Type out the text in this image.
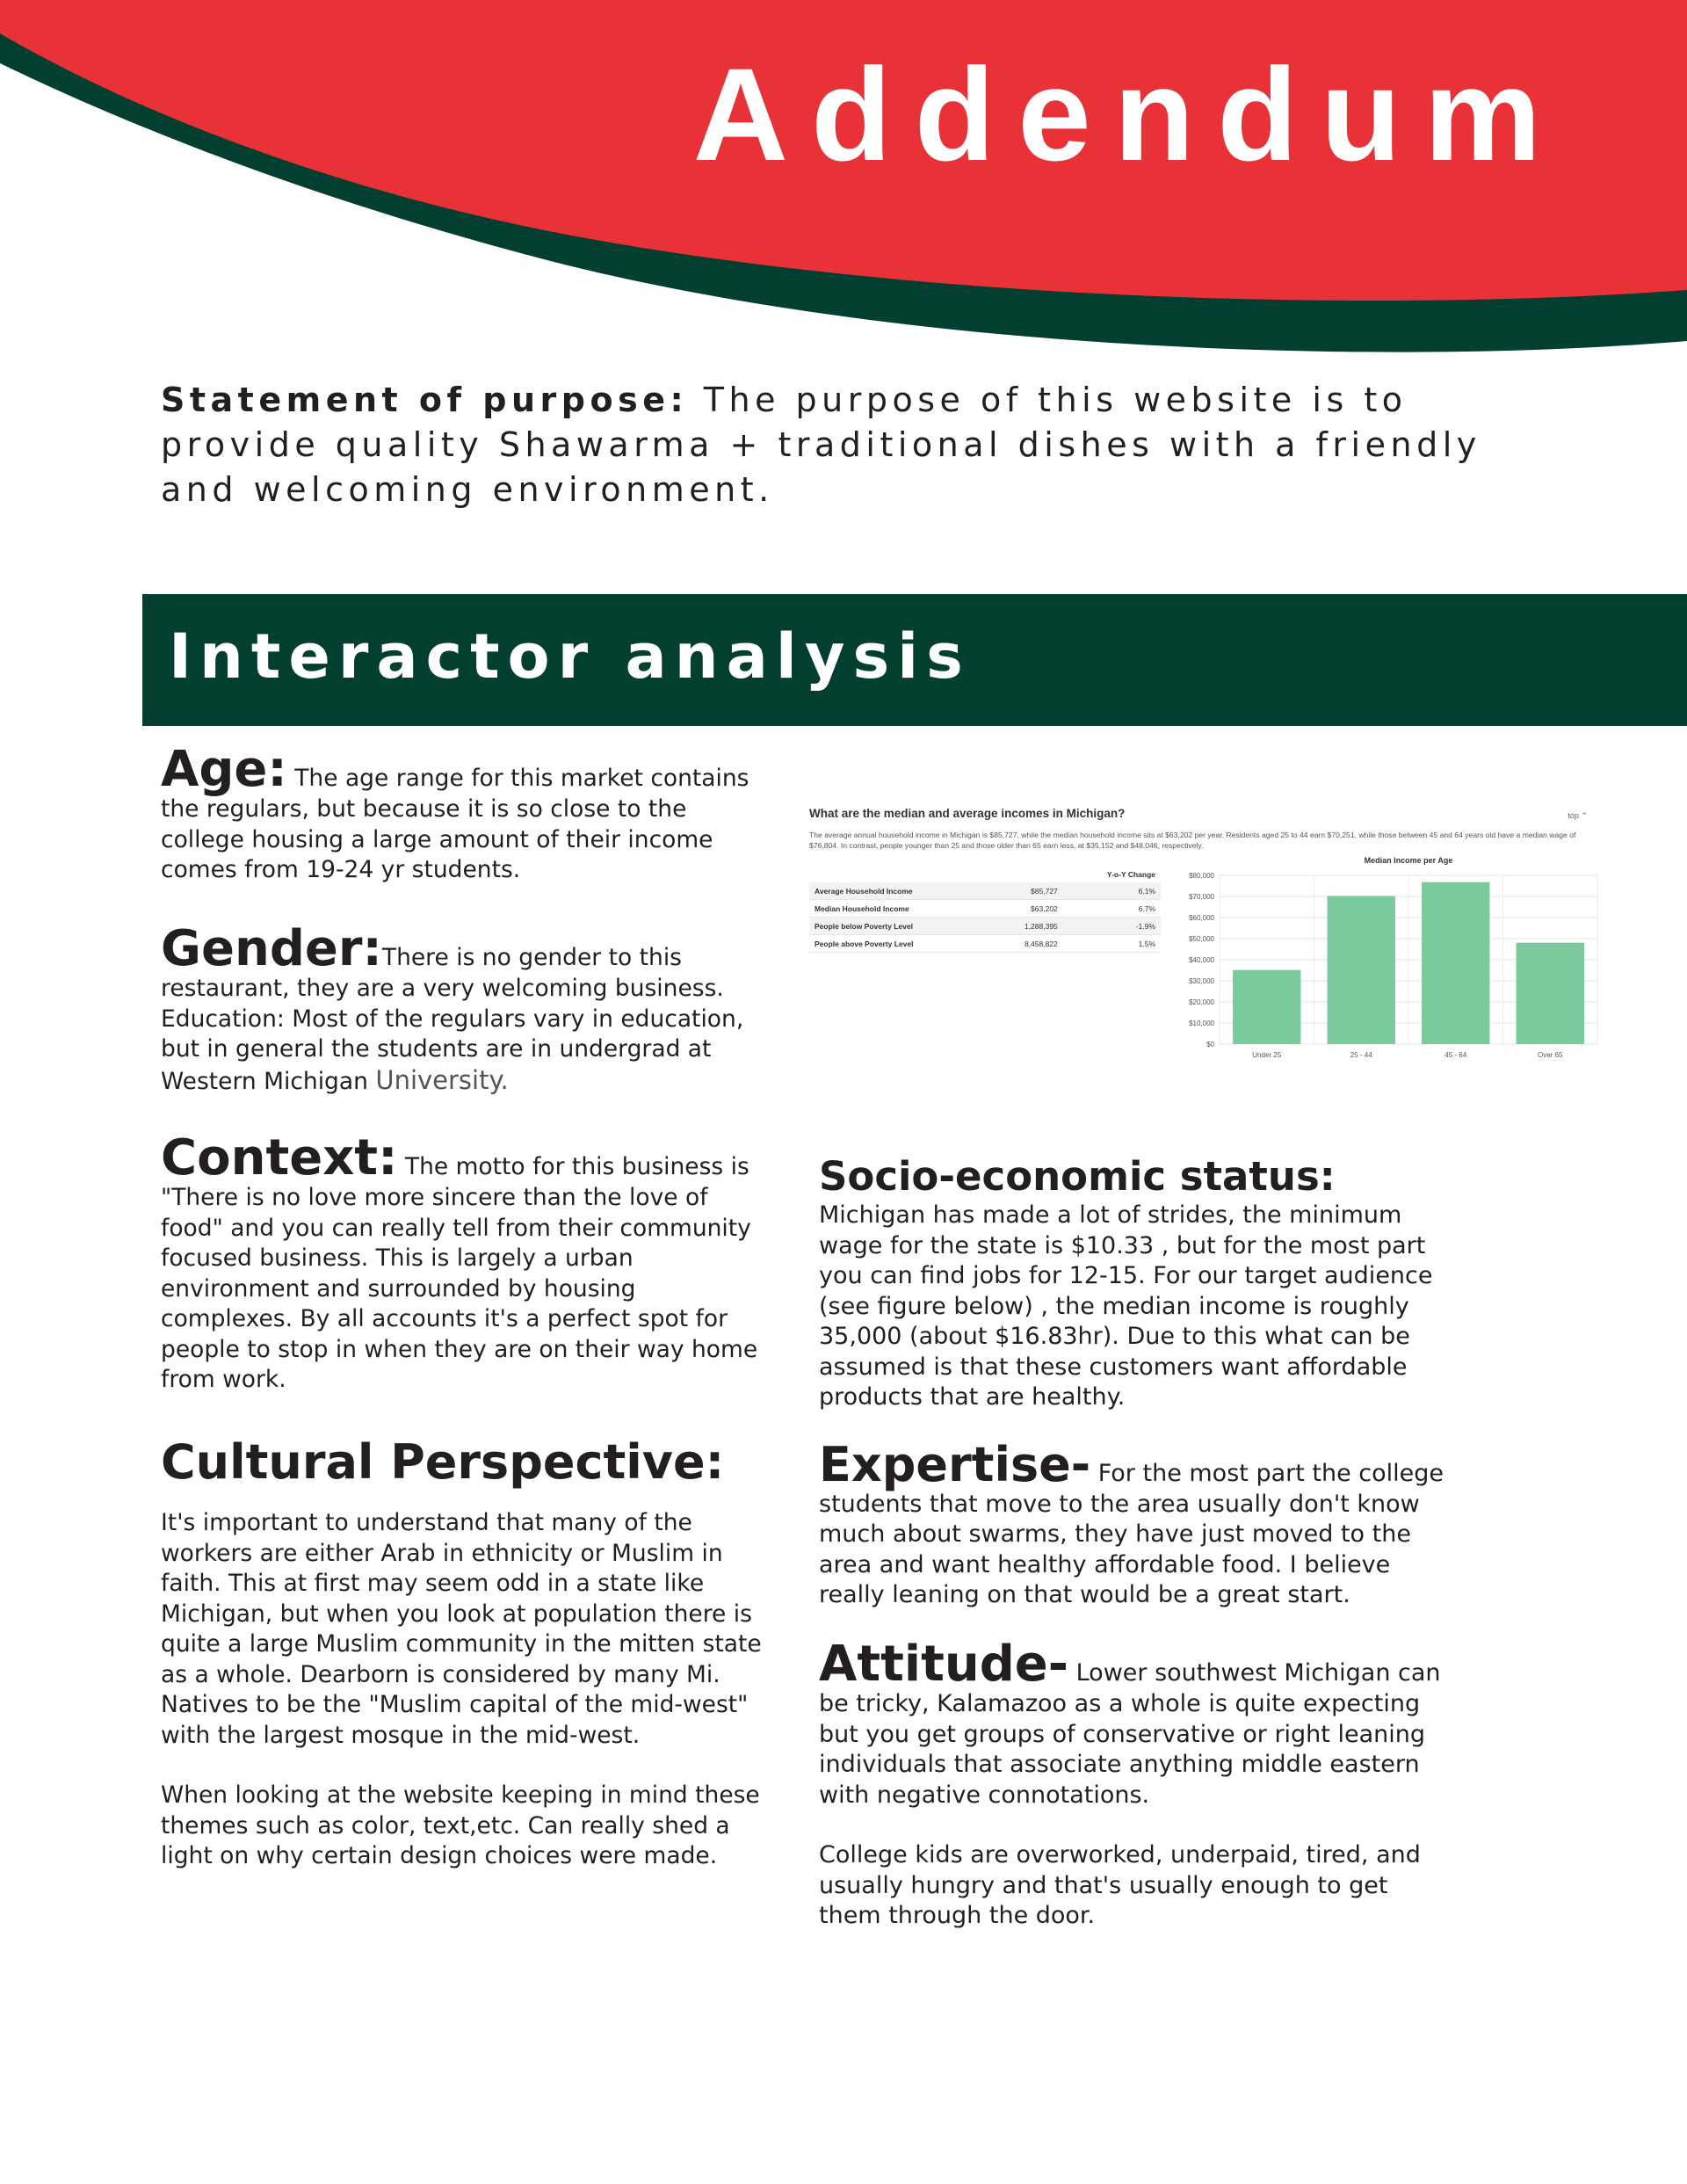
Addendum

Statement of purpose: The purpose of this website is to provide quality Shawarma + traditional dishes with a friendly and welcoming environment.

Interactor analysis

Age: The age range for this market contains the regulars, but because it is so close to the college housing a large amount of their income comes from 19-24 yr students.

Gender:There is no gender to this restaurant, they are a very welcoming business. Education: Most of the regulars vary in education, but in general the students are in undergrad at Western Michigan University.

Context: The motto for this business is "There is no love more sincere than the love of food" and you can really tell from their community focused business. This is largely a urban environment and surrounded by housing complexes. By all accounts it's a perfect spot for people to stop in when they are on their way home from work.

Cultural Perspective:

It's important to understand that many of the workers are either Arab in ethnicity or Muslim in faith. This at first may seem odd in a state like Michigan, but when you look at population there is quite a large Muslim community in the mitten state as a whole. Dearborn is considered by many Mi. Natives to be the "Muslim capital of the mid-west" with the largest mosque in the mid-west.

When looking at the website keeping in mind these themes such as color, text,etc. Can really shed a light on why certain design choices were made.

Socio-economic status:

Michigan has made a lot of strides, the minimum wage for the state is $10.33 , but for the most part you can find jobs for 12-15. For our target audience (see figure below) , the median income is roughly 35,000 (about $16.83hr). Due to this what can be assumed is that these customers want affordable products that are healthy.

Expertise- For the most part the college students that move to the area usually don't know much about swarms, they have just moved to the area and want healthy affordable food. I believe really leaning on that would be a great start.

Attitude- Lower southwest Michigan can be tricky, Kalamazoo as a whole is quite expecting but you get groups of conservative or right leaning individuals that associate anything middle eastern with negative connotations.

College kids are overworked, underpaid, tired, and usually hungry and that's usually enough to get them through the door.

What are the median and average incomes in Michigan?	top ⌃
The average annual household income in Michigan is $85,727, while the median household income sits at $63,202 per year. Residents aged 25 to 44 earn $70,251, while those between 45 and 64 years old have a median wage of $76,804. In contrast, people younger than 25 and those older than 65 earn less, at $35,152 and $48,046, respectively.
		Y-o-Y Change
Average Household Income	$85,727	6.1%
Median Household Income	$63,202	6.7%
People below Poverty Level	1,288,395	-1.9%
People above Poverty Level	8,458,822	1.5%
Median Income per Age
$0
$10,000
$20,000
$30,000
$40,000
$50,000
$60,000
$70,000
$80,000
Under 25	25 - 44	45 - 64	Over 65
